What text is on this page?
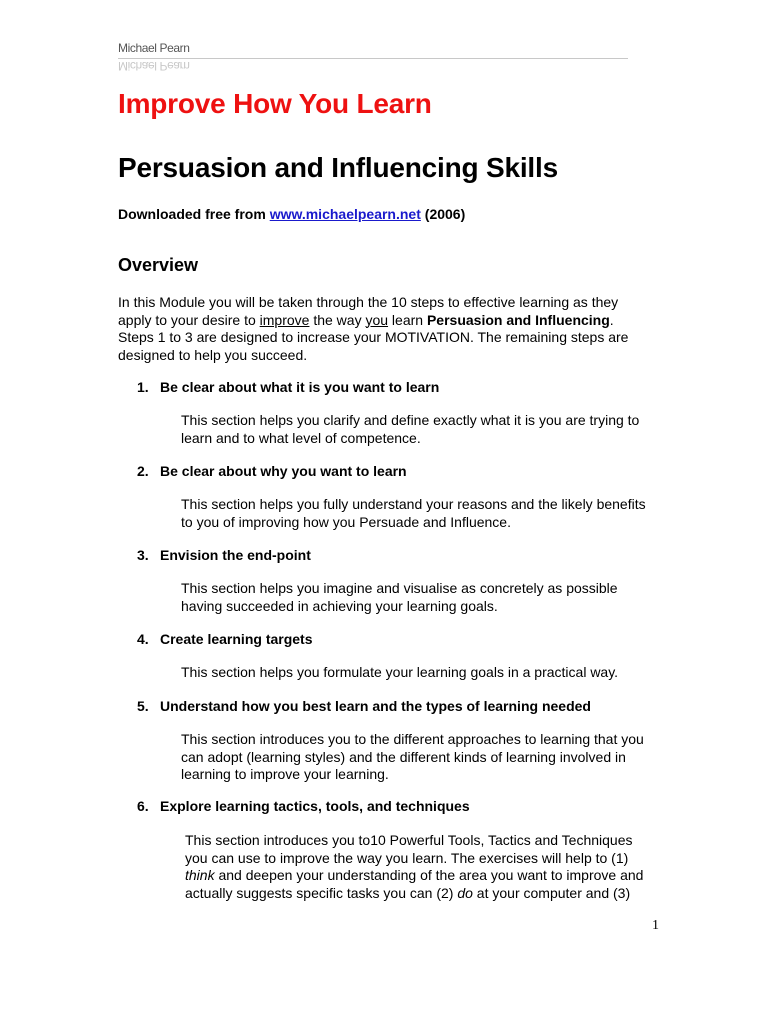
Michael Pearn
Michael Pearn
Improve How You Learn
Persuasion and Influencing Skills

Downloaded free from www.michaelpearn.net (2006)

Overview

In this Module you will be taken through the 10 steps to effective learning as they apply to your desire to improve the way you learn Persuasion and Influencing. Steps 1 to 3 are designed to increase your MOTIVATION. The remaining steps are designed to help you succeed.

1. Be clear about what it is you want to learn

This section helps you clarify and define exactly what it is you are trying to learn and to what level of competence.

2. Be clear about why you want to learn

This section helps you fully understand your reasons and the likely benefits to you of improving how you Persuade and Influence.

3. Envision the end-point

This section helps you imagine and visualise as concretely as possible having succeeded in achieving your learning goals.

4. Create learning targets

This section helps you formulate your learning goals in a practical way.

5. Understand how you best learn and the types of learning needed

This section introduces you to the different approaches to learning that you can adopt (learning styles) and the different kinds of learning involved in learning to improve your learning.

6. Explore learning tactics, tools, and techniques

This section introduces you to10 Powerful Tools, Tactics and Techniques you can use to improve the way you learn. The exercises will help to (1) think and deepen your understanding of the area you want to improve and actually suggests specific tasks you can (2) do at your computer and (3)

1
